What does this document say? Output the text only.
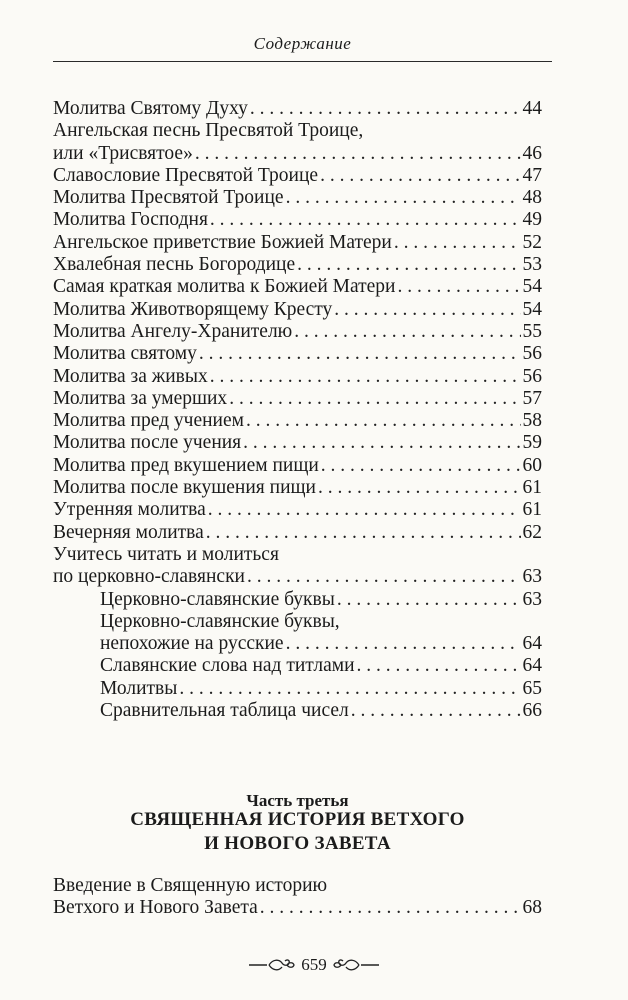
Содержание
Молитва Святому Духу . . .	44
Ангельская песнь Пресвятой Троице,
или «Трисвятое» . . .	46
Славословие Пресвятой Троице . . .	47
Молитва Пресвятой Троице . . .	48
Молитва Господня . . .	49
Ангельское приветствие Божией Матери . . .	52
Хвалебная песнь Богородице . . .	53
Самая краткая молитва к Божией Матери . . .	54
Молитва Животворящему Кресту . . .	54
Молитва Ангелу-Хранителю . . .	55
Молитва святому . . .	56
Молитва за живых . . .	56
Молитва за умерших . . .	57
Молитва пред учением . . .	58
Молитва после учения . . .	59
Молитва пред вкушением пищи . . .	60
Молитва после вкушения пищи . . .	61
Утренняя молитва . . .	61
Вечерняя молитва . . .	62
Учитесь читать и молиться
по церковно-славянски . . .	63
Церковно-славянские буквы . . .	63
Церковно-славянские буквы,
непохожие на русские . . .	64
Славянские слова над титлами . . .	64
Молитвы . . .	65
Сравнительная таблица чисел . . .	66
Часть третья
СВЯЩЕННАЯ ИСТОРИЯ ВЕТХОГО
И НОВОГО ЗАВЕТА
Введение в Священную историю
Ветхого и Нового Завета . . .	68
659
